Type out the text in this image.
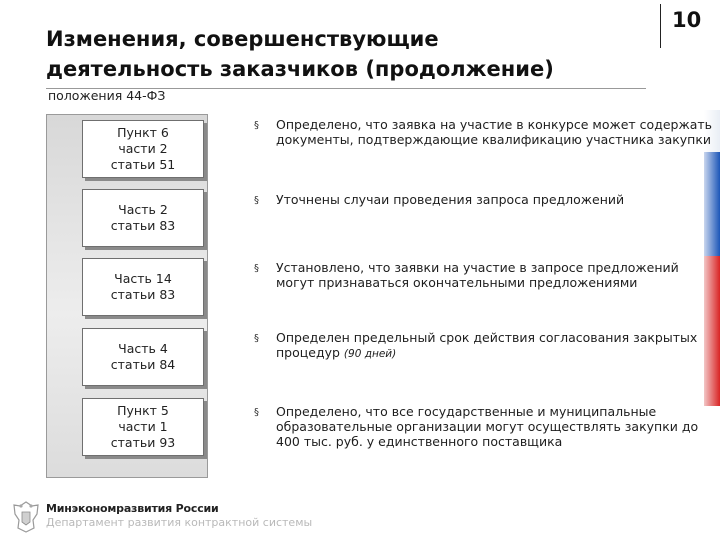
Изменения, совершенствующие
деятельность заказчиков (продолжение)
10
положения 44-ФЗ
Пункт 6
части 2
статьи 51
Часть 2
статьи 83
Часть 14
статьи 83
Часть 4
статьи 84
Пункт 5
части 1
статьи 93
§ Определено, что заявка на участие в конкурсе может содержать документы, подтверждающие квалификацию участника закупки
§ Уточнены случаи проведения запроса предложений
§ Установлено, что заявки на участие в запросе предложений могут признаваться окончательными предложениями
§ Определен предельный срок действия согласования закрытых процедур (90 дней)
§ Определено, что все государственные и муниципальные образовательные организации могут осуществлять закупки до 400 тыс. руб. у единственного поставщика
Минэкономразвития России
Департамент развития контрактной системы
